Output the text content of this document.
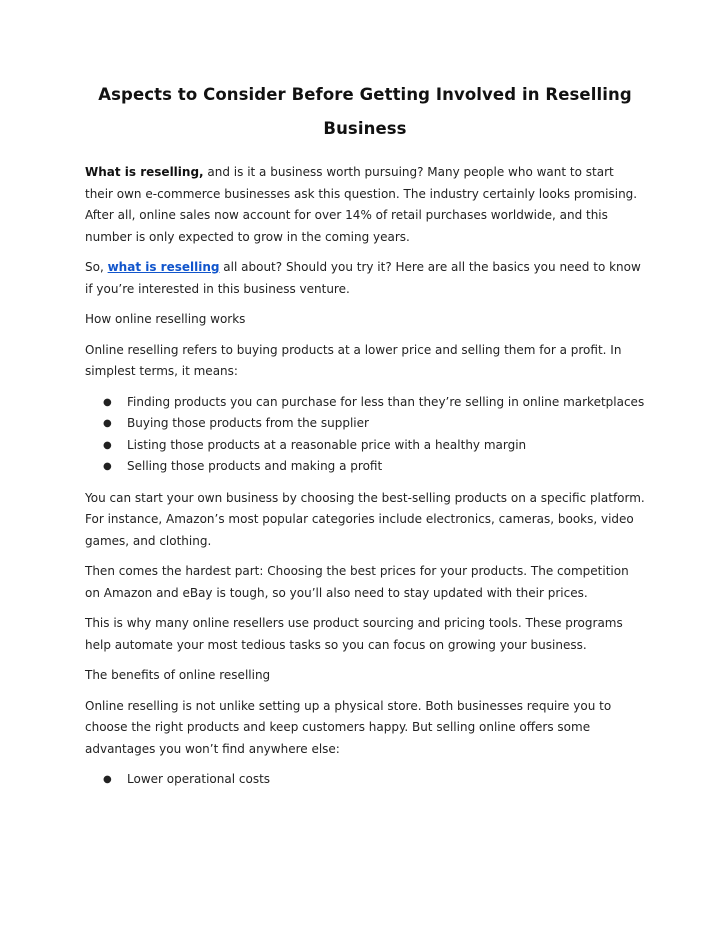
Aspects to Consider Before Getting Involved in Reselling Business

What is reselling, and is it a business worth pursuing? Many people who want to start their own e-commerce businesses ask this question. The industry certainly looks promising. After all, online sales now account for over 14% of retail purchases worldwide, and this number is only expected to grow in the coming years.

So, what is reselling all about? Should you try it? Here are all the basics you need to know if you’re interested in this business venture.

How online reselling works

Online reselling refers to buying products at a lower price and selling them for a profit. In simplest terms, it means:

● Finding products you can purchase for less than they’re selling in online marketplaces
● Buying those products from the supplier
● Listing those products at a reasonable price with a healthy margin
● Selling those products and making a profit

You can start your own business by choosing the best-selling products on a specific platform. For instance, Amazon’s most popular categories include electronics, cameras, books, video games, and clothing.

Then comes the hardest part: Choosing the best prices for your products. The competition on Amazon and eBay is tough, so you’ll also need to stay updated with their prices.

This is why many online resellers use product sourcing and pricing tools. These programs help automate your most tedious tasks so you can focus on growing your business.

The benefits of online reselling

Online reselling is not unlike setting up a physical store. Both businesses require you to choose the right products and keep customers happy. But selling online offers some advantages you won’t find anywhere else:

● Lower operational costs
